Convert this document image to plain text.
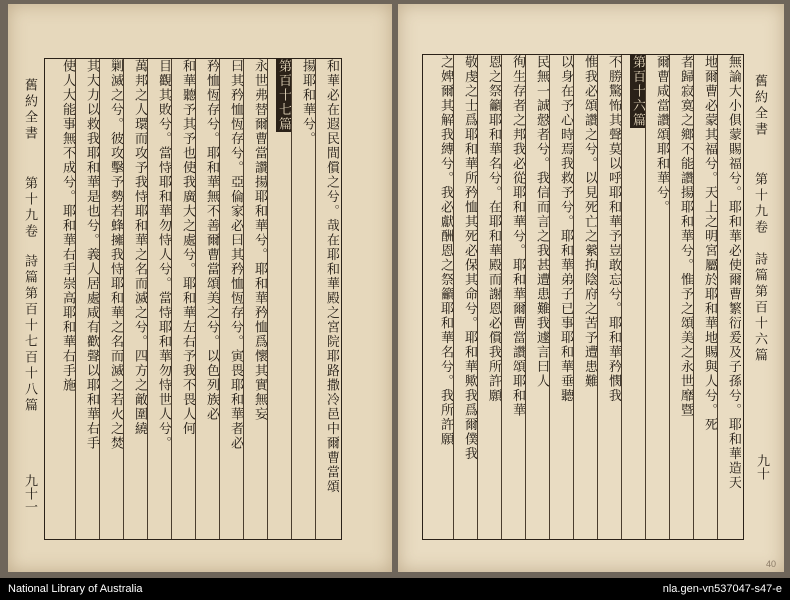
和華必在遐民間償之兮。哉在耶和華殿之宮院耶路撒冷邑中爾曹當頌
揚耶和華兮。
第百十七篇
永世弗替爾曹當讚揚耶和華兮。耶和華矜恤爲懷其實無妄
曰其矜恤恆存兮。亞倫家必曰其矜恤恆存兮。寅畏耶和華者必
矜恤恆存兮。耶和華無不善爾曹當頌美之兮。以色列族必
和華聽予其予也使我廣大之處兮。耶和華左右予我不畏人何
目觀其敗兮。當恃耶和華勿恃人兮。當恃耶和華勿恃世人兮。
萬邦之人環而攻予我恃耶和華之名而滅之兮。四方之敵圍繞
剿滅之兮。彼攻擊予勢若蜂擁我恃耶和華之名而滅之若火之焚
其大力以救我耶和華是也兮。義人居處咸有歡聲以耶和華右手
使人大能事無不成兮。耶和華右手崇高耶和華右手施
舊約全書
第十九卷
詩篇第百十七百十八篇
九十一
無論大小俱蒙賜福兮。耶和華必使爾曹繁衍爰及子孫兮。耶和華造天
地爾曹必蒙其福兮。天上之明宮屬於耶和華地賜與人兮。死
者歸寂寞之鄉不能讚揚耶和華兮。惟予之頌美之永世靡暨
爾曹咸當讚頌耶和華兮。
第百十六篇
不勝驚怖其聲莫以呼耶和華予豈敢忘兮。耶和華矜憫我
惟我必頌讚之兮。以見死亡之縈拘陰府之苦予遭患難
以身在予心時焉我救予兮。耶和華弟子已事耶和華垂聽
民無一誠慤者兮。我信而言之我甚遭患難我遽言曰人
徇生存者之邦我必從耶和華兮。耶和華爾曹當讚頌耶和華
恩之祭籲耶和華名兮。在耶和華殿而謝恩必償我所許願
敬虔之士爲耶和華所矜恤其死必保其命兮。耶和華歟我爲爾僕我
之婢爾其解我縛兮。我必獻酬恩之祭籲耶和華名兮。我所許願	舊約全書
第十九卷
詩篇第百十六篇
九十
40
National Library of Australia	nla.gen-vn537047-s47-e
